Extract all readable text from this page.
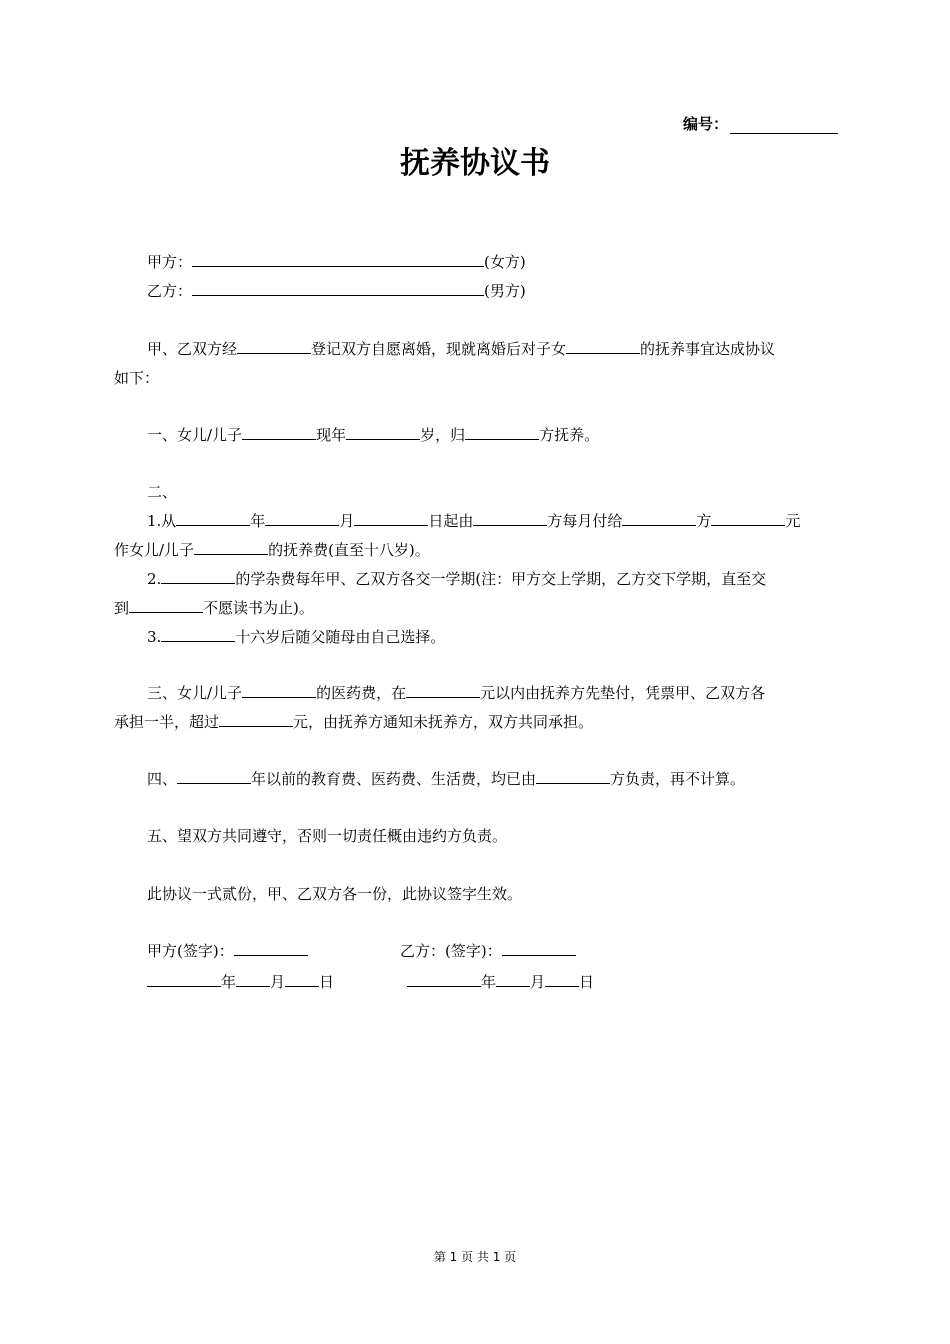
编号：
抚养协议书
甲方：	(女方)
乙方：	(男方)
甲、乙双方经	登记双方自愿离婚，现就离婚后对子女	的抚养事宜达成协议
如下：
一、女儿/儿子	现年	岁，归	方抚养。
二、
1.从	年	月	日起由	方每月付给	方	元
作女儿/儿子	的抚养费(直至十八岁)。
2.	的学杂费每年甲、乙双方各交一学期(注：甲方交上学期，乙方交下学期，直至交
到	不愿读书为止)。
3.	十六岁后随父随母由自己选择。
三、女儿/儿子	的医药费，在	元以内由抚养方先垫付，凭票甲、乙双方各
承担一半，超过	元，由抚养方通知未抚养方，双方共同承担。
四、	年以前的教育费、医药费、生活费，均已由	方负责，再不计算。
五、望双方共同遵守，否则一切责任概由违约方负责。
此协议一式贰份，甲、乙双方各一份，此协议签字生效。
甲方(签字)：	乙方：(签字)：
年 月 日	年 月 日
第 1 页 共 1 页
